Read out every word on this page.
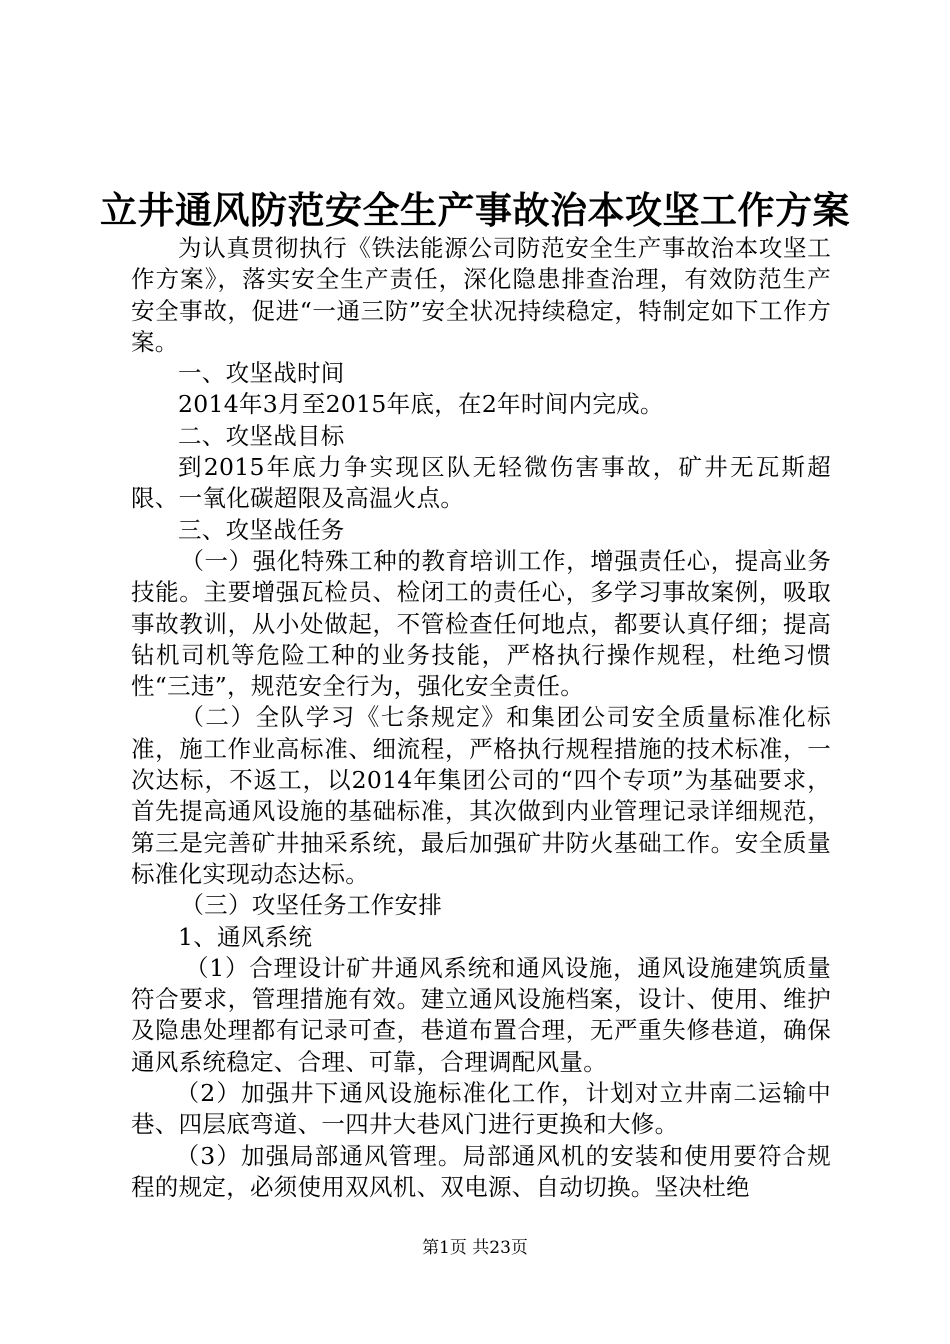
立井通风防范安全生产事故治本攻坚工作方案

为认真贯彻执行《铁法能源公司防范安全生产事故治本攻坚工作方案》，落实安全生产责任，深化隐患排查治理，有效防范生产安全事故，促进“一通三防”安全状况持续稳定，特制定如下工作方案。

一、攻坚战时间

2014年3月至2015年底，在2年时间内完成。

二、攻坚战目标

到2015年底力争实现区队无轻微伤害事故，矿井无瓦斯超限、一氧化碳超限及高温火点。

三、攻坚战任务

（一）强化特殊工种的教育培训工作，增强责任心，提高业务技能。主要增强瓦检员、检闭工的责任心，多学习事故案例，吸取事故教训，从小处做起，不管检查任何地点，都要认真仔细；提高钻机司机等危险工种的业务技能，严格执行操作规程，杜绝习惯性“三违”，规范安全行为，强化安全责任。

（二）全队学习《七条规定》和集团公司安全质量标准化标准，施工作业高标准、细流程，严格执行规程措施的技术标准，一次达标，不返工，以2014年集团公司的“四个专项”为基础要求，首先提高通风设施的基础标准，其次做到内业管理记录详细规范，第三是完善矿井抽采系统，最后加强矿井防火基础工作。安全质量标准化实现动态达标。

（三）攻坚任务工作安排

1、通风系统

（1）合理设计矿井通风系统和通风设施，通风设施建筑质量符合要求，管理措施有效。建立通风设施档案，设计、使用、维护及隐患处理都有记录可查，巷道布置合理，无严重失修巷道，确保通风系统稳定、合理、可靠，合理调配风量。

（2）加强井下通风设施标准化工作，计划对立井南二运输中巷、四层底弯道、一四井大巷风门进行更换和大修。

（3）加强局部通风管理。局部通风机的安装和使用要符合规程的规定，必须使用双风机、双电源、自动切换。坚决杜绝

第1页 共23页
